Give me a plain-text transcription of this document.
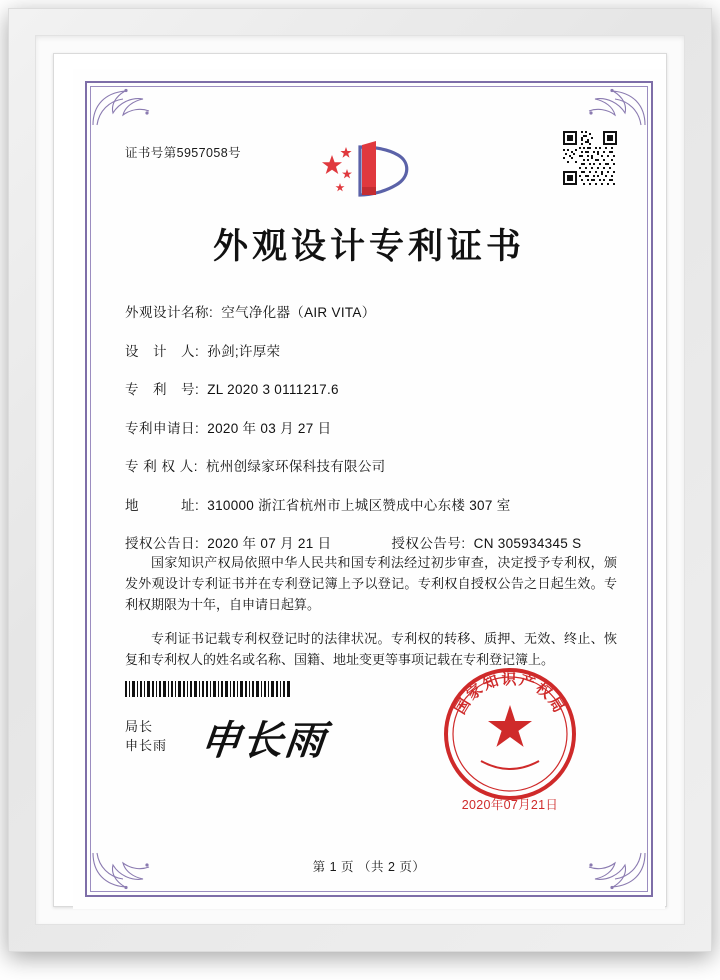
证书号第5957058号
外观设计专利证书
外观设计名称: 空气净化器（AIR VITA）
设　计　人: 孙剑;许厚荣
专　利　号: ZL 2020 3 0111217.6
专利申请日: 2020 年 03 月 27 日
专 利 权 人: 杭州创绿家环保科技有限公司
地　　　址: 310000 浙江省杭州市上城区赞成中心东楼 307 室
授权公告日: 2020 年 07 月 21 日	授权公告号: CN 305934345 S

国家知识产权局依照中华人民共和国专利法经过初步审查，决定授予专利权，颁发外观设计专利证书并在专利登记簿上予以登记。专利权自授权公告之日起生效。专利权期限为十年，自申请日起算。

专利证书记载专利权登记时的法律状况。专利权的转移、质押、无效、终止、恢复和专利权人的姓名或名称、国籍、地址变更等事项记载在专利登记簿上。

局长
申长雨 申长雨
国家知识产权局
2020年07月21日
第 1 页 （共 2 页）
